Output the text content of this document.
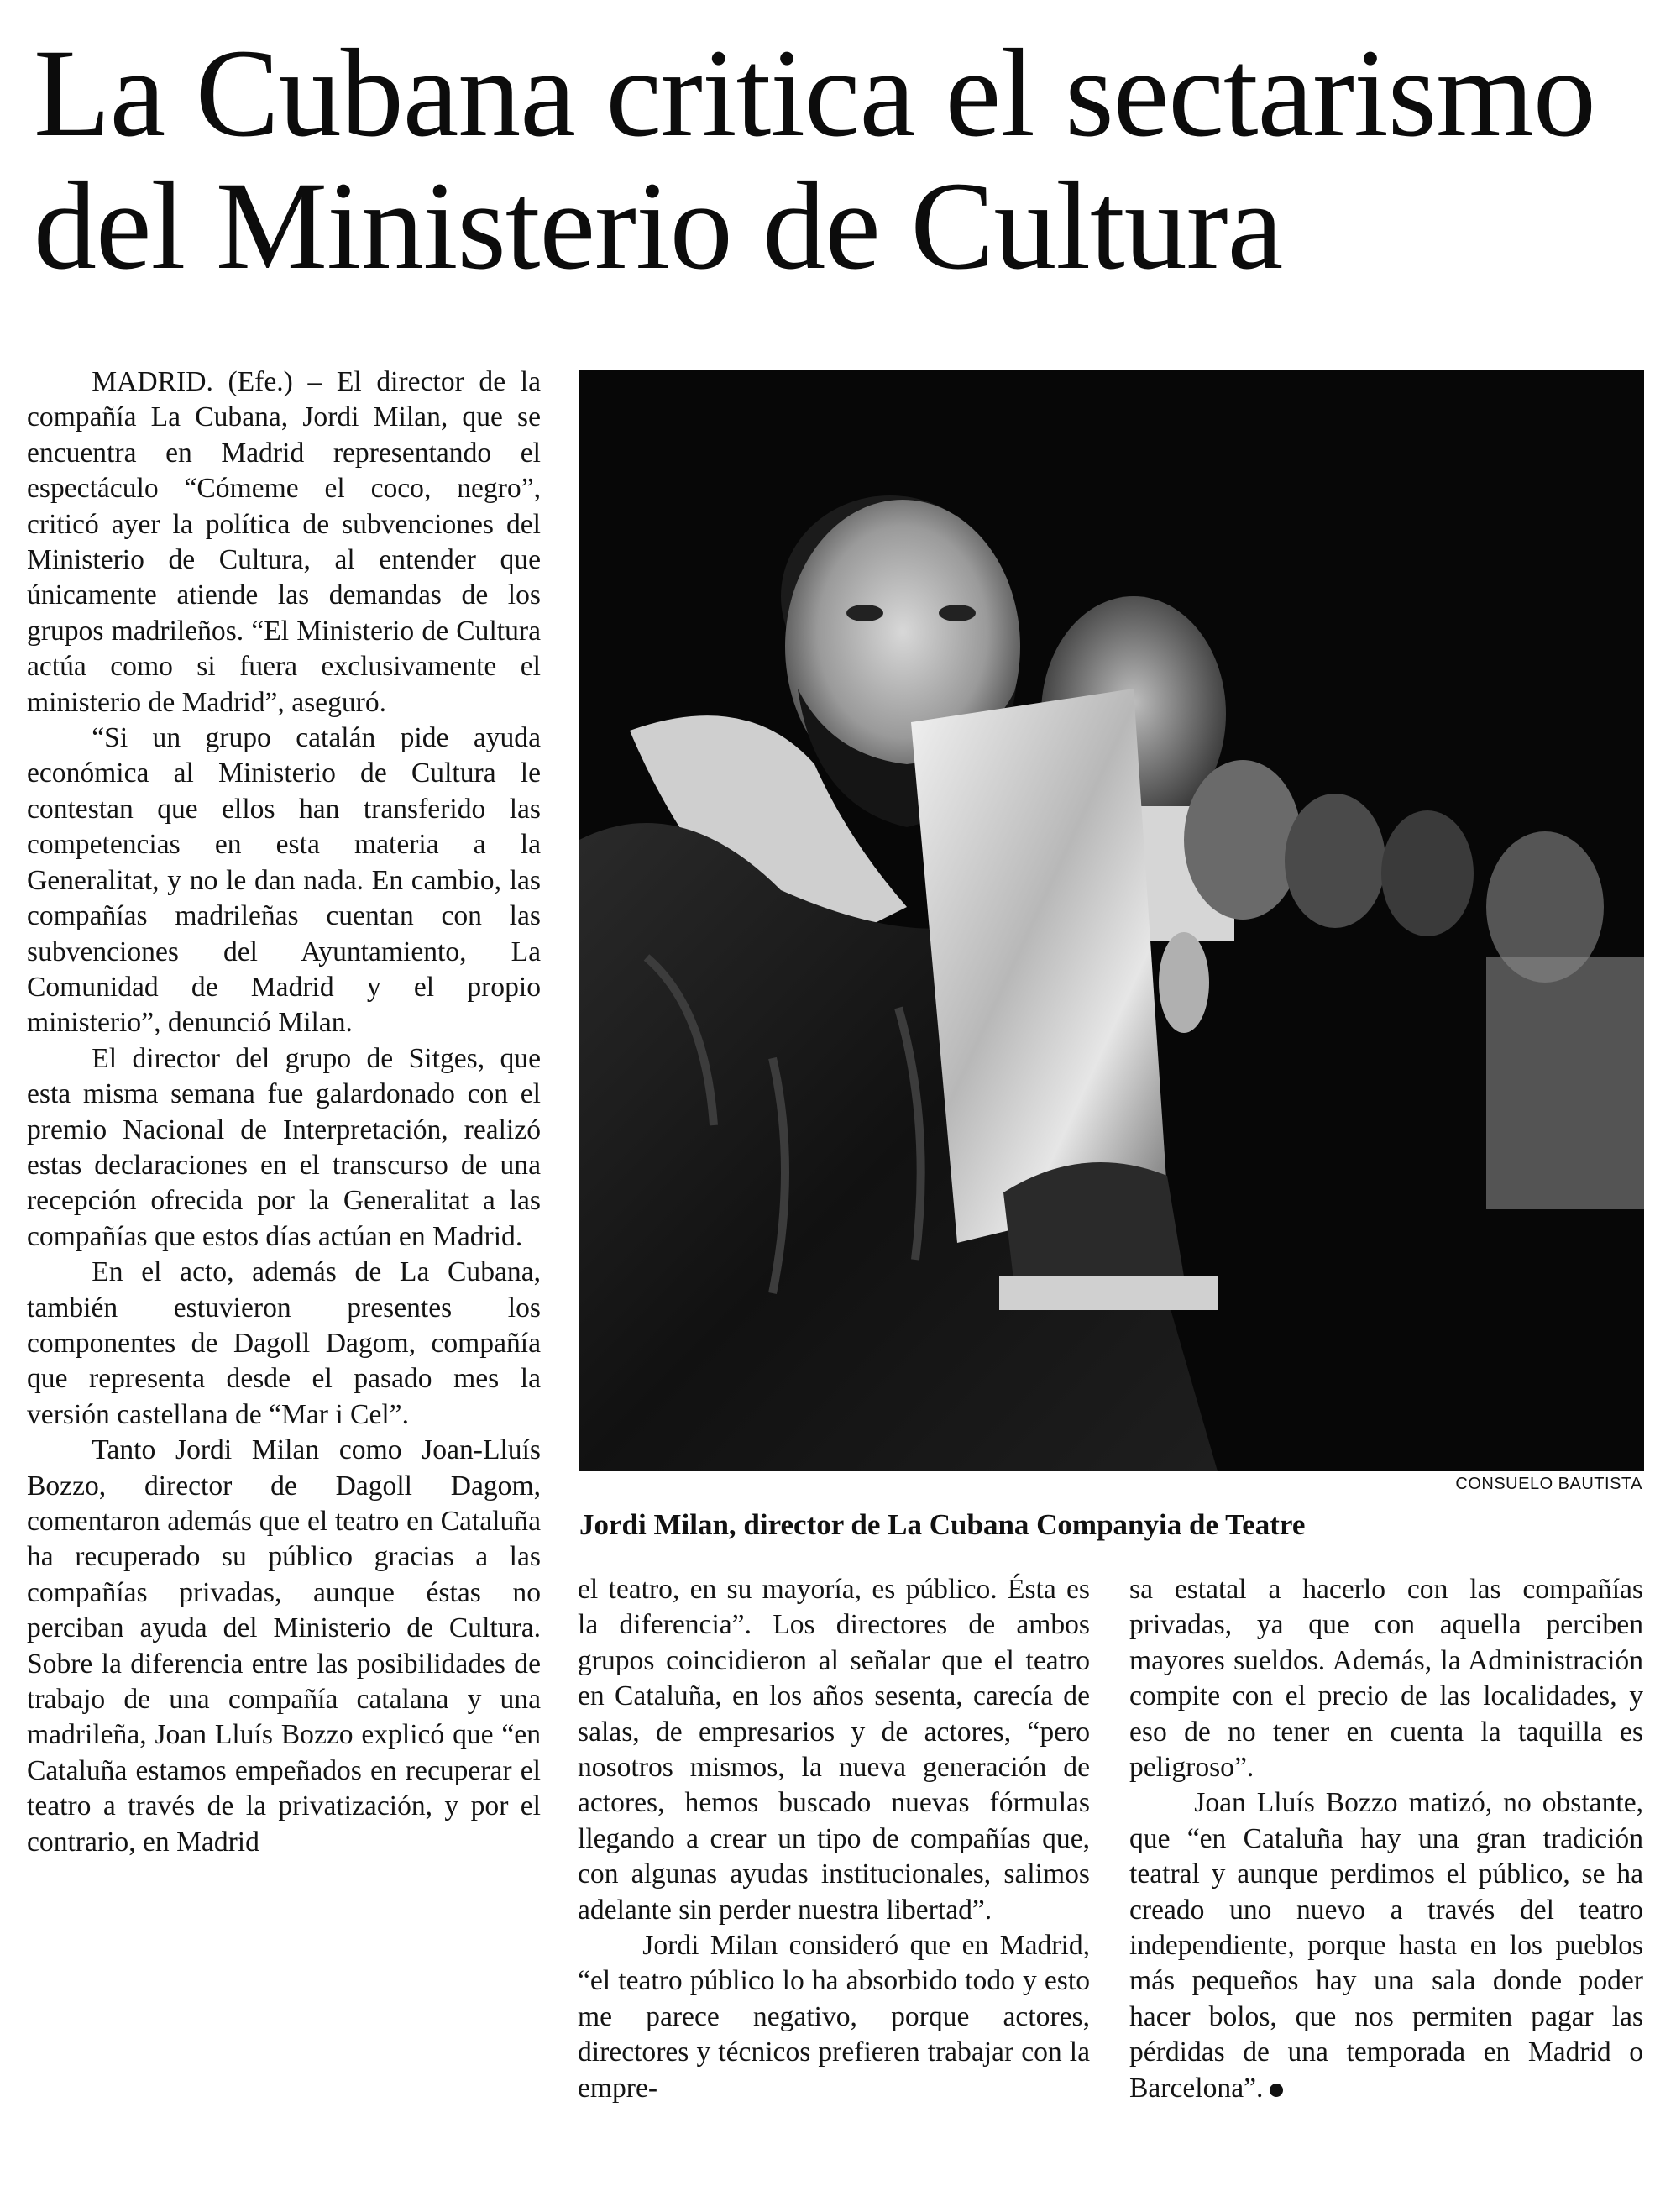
La Cubana critica el sectarismo
del Ministerio de Cultura

MADRID. (Efe.) – El director de la compañía La Cubana, Jordi Milan, que se encuentra en Madrid representando el espectáculo “Cómeme el coco, negro”, criticó ayer la política de subvenciones del Ministerio de Cultura, al entender que únicamente atiende las demandas de los grupos madrileños. “El Ministerio de Cultura actúa como si fuera exclusivamente el ministerio de Madrid”, aseguró.

“Si un grupo catalán pide ayuda económica al Ministerio de Cultura le contestan que ellos han transferido las competencias en esta materia a la Generalitat, y no le dan nada. En cambio, las compañías madrileñas cuentan con las subvenciones del Ayuntamiento, La Comunidad de Madrid y el propio ministerio”, denunció Milan.

El director del grupo de Sitges, que esta misma semana fue galardonado con el premio Nacional de Interpretación, realizó estas declaraciones en el transcurso de una recepción ofrecida por la Generalitat a las compañías que estos días actúan en Madrid.

En el acto, además de La Cubana, también estuvieron presentes los componentes de Dagoll Dagom, compañía que representa desde el pasado mes la versión castellana de “Mar i Cel”.

Tanto Jordi Milan como Joan-Lluís Bozzo, director de Dagoll Dagom, comentaron además que el teatro en Cataluña ha recuperado su público gracias a las compañías privadas, aunque éstas no perciban ayuda del Ministerio de Cultura. Sobre la diferencia entre las posibilidades de trabajo de una compañía catalana y una madrileña, Joan Lluís Bozzo explicó que “en Cataluña estamos empeñados en recuperar el teatro a través de la privatización, y por el contrario, en Madrid

CONSUELO BAUTISTA
Jordi Milan, director de La Cubana Companyia de Teatre

el teatro, en su mayoría, es público. Ésta es la diferencia”. Los directores de ambos grupos coincidieron al señalar que el teatro en Cataluña, en los años sesenta, carecía de salas, de empresarios y de actores, “pero nosotros mismos, la nueva generación de actores, hemos buscado nuevas fórmulas llegando a crear un tipo de compañías que, con algunas ayudas institucionales, salimos adelante sin perder nuestra libertad”.

Jordi Milan consideró que en Madrid, “el teatro público lo ha absorbido todo y esto me parece negativo, porque actores, directores y técnicos prefieren trabajar con la empre-

sa estatal a hacerlo con las compañías privadas, ya que con aquella perciben mayores sueldos. Además, la Administración compite con el precio de las localidades, y eso de no tener en cuenta la taquilla es peligroso”.

Joan Lluís Bozzo matizó, no obstante, que “en Cataluña hay una gran tradición teatral y aunque perdimos el público, se ha creado uno nuevo a través del teatro independiente, porque hasta en los pueblos más pequeños hay una sala donde poder hacer bolos, que nos permiten pagar las pérdidas de una temporada en Madrid o Barcelona”.
